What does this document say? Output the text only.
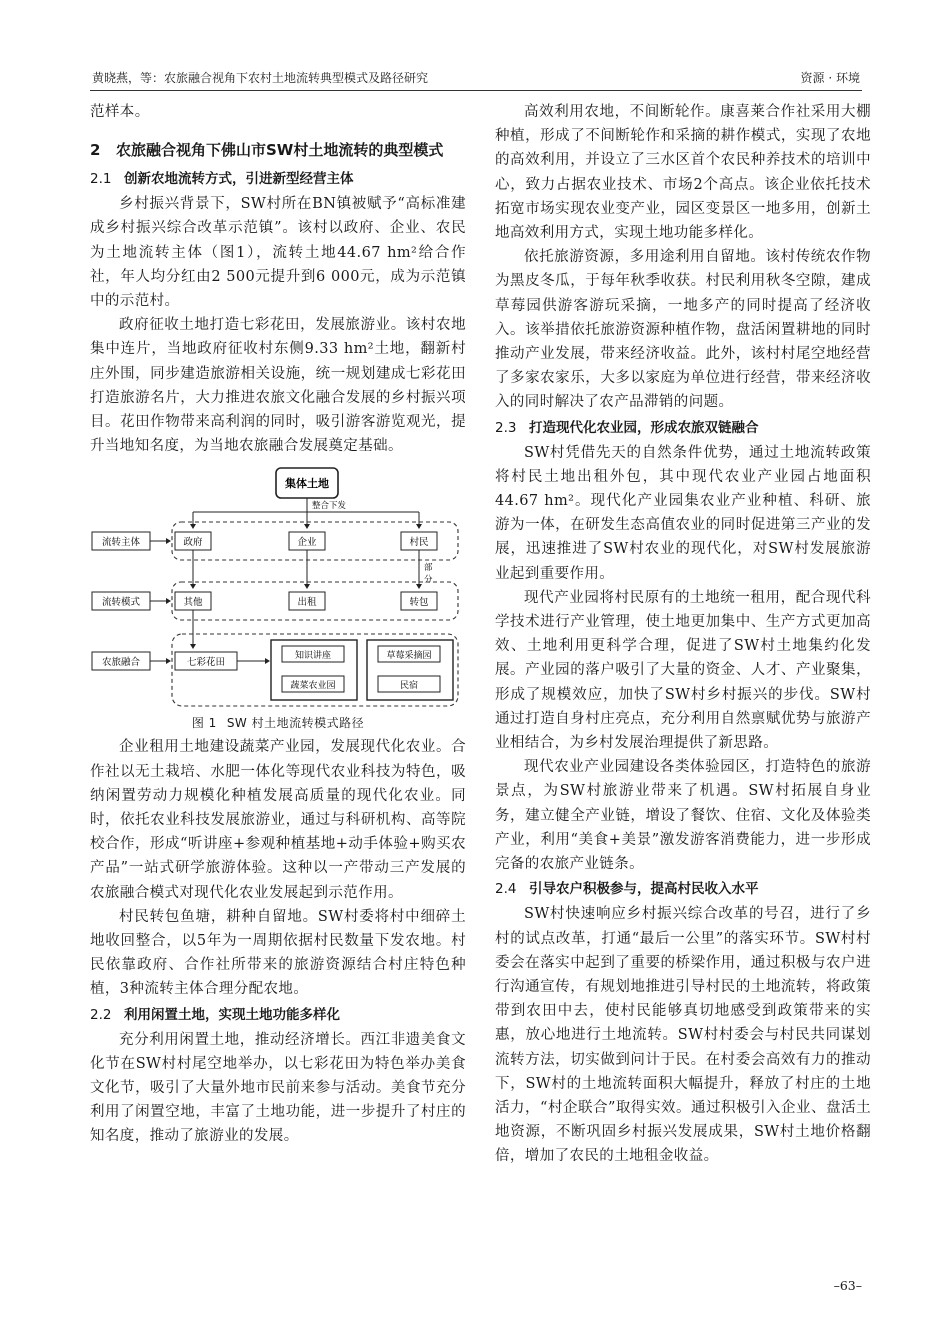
黄晓燕，等：农旅融合视角下农村土地流转典型模式及路径研究	资源 · 环境

范样本。

2 农旅融合视角下佛山市SW村土地流转的典型模式
2.1 创新农地流转方式，引进新型经营主体

乡村振兴背景下，SW村所在BN镇被赋予“高标准建成乡村振兴综合改革示范镇”。该村以政府、企业、农民为土地流转主体（图1），流转土地44.67 hm²给合作社，年人均分红由2 500元提升到6 000元，成为示范镇中的示范村。

政府征收土地打造七彩花田，发展旅游业。该村农地集中连片，当地政府征收村东侧9.33 hm²土地，翻新村庄外围，同步建造旅游相关设施，统一规划建成七彩花田打造旅游名片，大力推进农旅文化融合发展的乡村振兴项目。花田作物带来高利润的同时，吸引游客游览观光，提升当地知名度，为当地农旅融合发展奠定基础。

集体土地
整合下发
流转主体	政府	企业	村民
部
分
流转模式	其他	出租	转包
农旅融合	七彩花田
知识讲座
蔬菜农业园
草莓采摘园
民宿
图 1 SW 村土地流转模式路径

企业租用土地建设蔬菜产业园，发展现代化农业。合作社以无土栽培、水肥一体化等现代农业科技为特色，吸纳闲置劳动力规模化种植发展高质量的现代化农业。同时，依托农业科技发展旅游业，通过与科研机构、高等院校合作，形成“听讲座+参观种植基地+动手体验+购买农产品”一站式研学旅游体验。这种以一产带动三产发展的农旅融合模式对现代化农业发展起到示范作用。

村民转包鱼塘，耕种自留地。SW村委将村中细碎土地收回整合，以5年为一周期依据村民数量下发农地。村民依靠政府、合作社所带来的旅游资源结合村庄特色种植，3种流转主体合理分配农地。

2.2 利用闲置土地，实现土地功能多样化

充分利用闲置土地，推动经济增长。西江非遗美食文化节在SW村村尾空地举办，以七彩花田为特色举办美食文化节，吸引了大量外地市民前来参与活动。美食节充分利用了闲置空地，丰富了土地功能，进一步提升了村庄的知名度，推动了旅游业的发展。

高效利用农地，不间断轮作。康喜莱合作社采用大棚种植，形成了不间断轮作和采摘的耕作模式，实现了农地的高效利用，并设立了三水区首个农民种养技术的培训中心，致力占据农业技术、市场2个高点。该企业依托技术拓宽市场实现农业变产业，园区变景区一地多用，创新土地高效利用方式，实现土地功能多样化。

依托旅游资源，多用途利用自留地。该村传统农作物为黑皮冬瓜，于每年秋季收获。村民利用秋冬空隙，建成草莓园供游客游玩采摘，一地多产的同时提高了经济收入。该举措依托旅游资源种植作物，盘活闲置耕地的同时推动产业发展，带来经济收益。此外，该村村尾空地经营了多家农家乐，大多以家庭为单位进行经营，带来经济收入的同时解决了农产品滞销的问题。

2.3 打造现代化农业园，形成农旅双链融合

SW村凭借先天的自然条件优势，通过土地流转政策将村民土地出租外包，其中现代农业产业园占地面积44.67 hm²。现代化产业园集农业产业种植、科研、旅游为一体，在研发生态高值农业的同时促进第三产业的发展，迅速推进了SW村农业的现代化，对SW村发展旅游业起到重要作用。

现代产业园将村民原有的土地统一租用，配合现代科学技术进行产业管理，使土地更加集中、生产方式更加高效、土地利用更科学合理，促进了SW村土地集约化发展。产业园的落户吸引了大量的资金、人才、产业聚集，形成了规模效应，加快了SW村乡村振兴的步伐。SW村通过打造自身村庄亮点，充分利用自然禀赋优势与旅游产业相结合，为乡村发展治理提供了新思路。

现代农业产业园建设各类体验园区，打造特色的旅游景点，为SW村旅游业带来了机遇。SW村拓展自身业务，建立健全产业链，增设了餐饮、住宿、文化及体验类产业，利用“美食+美景”激发游客消费能力，进一步形成完备的农旅产业链条。

2.4 引导农户积极参与，提高村民收入水平

SW村快速响应乡村振兴综合改革的号召，进行了乡村的试点改革，打通“最后一公里”的落实环节。SW村村委会在落实中起到了重要的桥梁作用，通过积极与农户进行沟通宣传，有规划地推进引导村民的土地流转，将政策带到农田中去，使村民能够真切地感受到政策带来的实惠，放心地进行土地流转。SW村村委会与村民共同谋划流转方法，切实做到问计于民。在村委会高效有力的推动下，SW村的土地流转面积大幅提升，释放了村庄的土地活力，“村企联合”取得实效。通过积极引入企业、盘活土地资源，不断巩固乡村振兴发展成果，SW村土地价格翻倍，增加了农民的土地租金收益。

–63–
